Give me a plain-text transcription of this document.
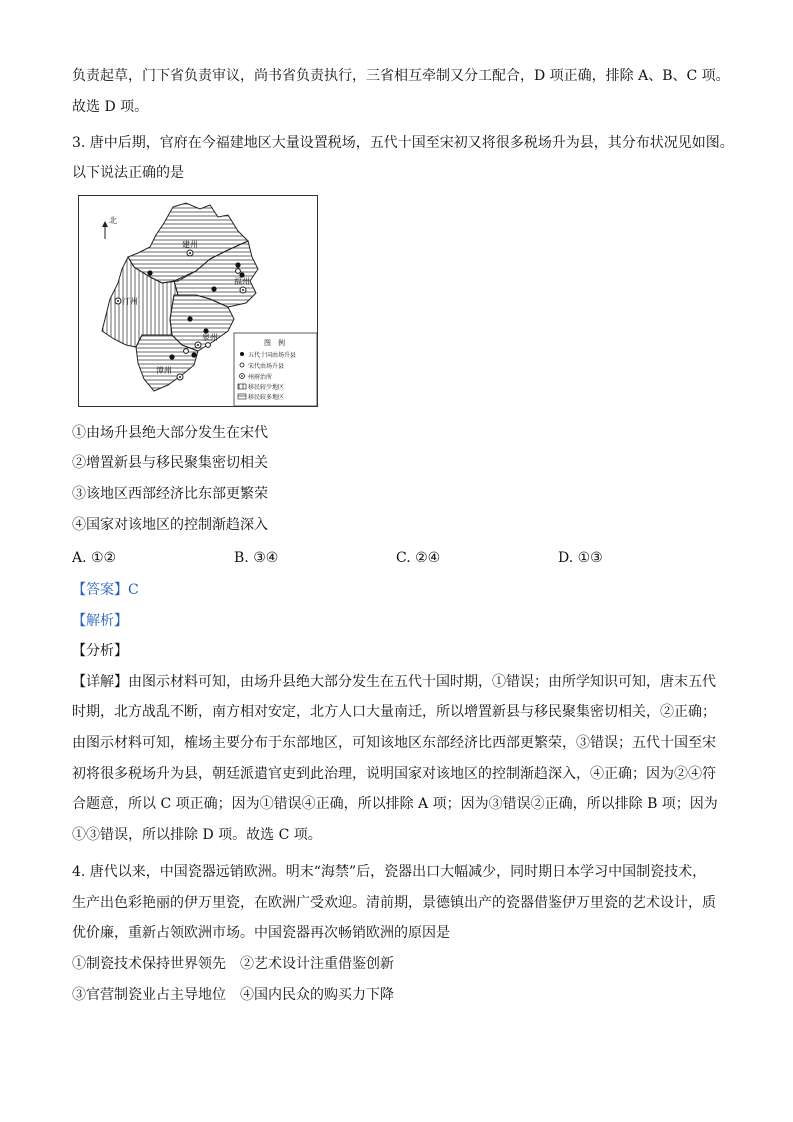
负责起草，门下省负责审议，尚书省负责执行，三省相互牵制又分工配合，D 项正确，排除 A、B、C 项。
故选 D 项。
3. 唐中后期，官府在今福建地区大量设置税场，五代十国至宋初又将很多税场升为县，其分布状况见如图。
以下说法正确的是
北
建州
福州
汀州
泉州
漳州
图　例
五代十国由场升县
宋代由场升县
州府治所
移民较少地区
移民较多地区
①由场升县绝大部分发生在宋代
②增置新县与移民聚集密切相关
③该地区西部经济比东部更繁荣
④国家对该地区的控制渐趋深入
A. ①②	B. ③④	C. ②④	D. ①③
【答案】C
【解析】
【分析】
【详解】由图示材料可知，由场升县绝大部分发生在五代十国时期，①错误；由所学知识可知，唐末五代
时期，北方战乱不断，南方相对安定，北方人口大量南迁，所以增置新县与移民聚集密切相关，②正确；
由图示材料可知，榷场主要分布于东部地区，可知该地区东部经济比西部更繁荣，③错误；五代十国至宋
初将很多税场升为县，朝廷派遣官吏到此治理，说明国家对该地区的控制渐趋深入，④正确；因为②④符
合题意，所以 C 项正确；因为①错误④正确，所以排除 A 项；因为③错误②正确，所以排除 B 项；因为
①③错误，所以排除 D 项。故选 C 项。
4. 唐代以来，中国瓷器远销欧洲。明末“海禁”后，瓷器出口大幅减少，同时期日本学习中国制瓷技术，
生产出色彩艳丽的伊万里瓷，在欧洲广受欢迎。清前期，景德镇出产的瓷器借鉴伊万里瓷的艺术设计，质
优价廉，重新占领欧洲市场。中国瓷器再次畅销欧洲的原因是
①制瓷技术保持世界领先　②艺术设计注重借鉴创新
③官营制瓷业占主导地位　④国内民众的购买力下降
